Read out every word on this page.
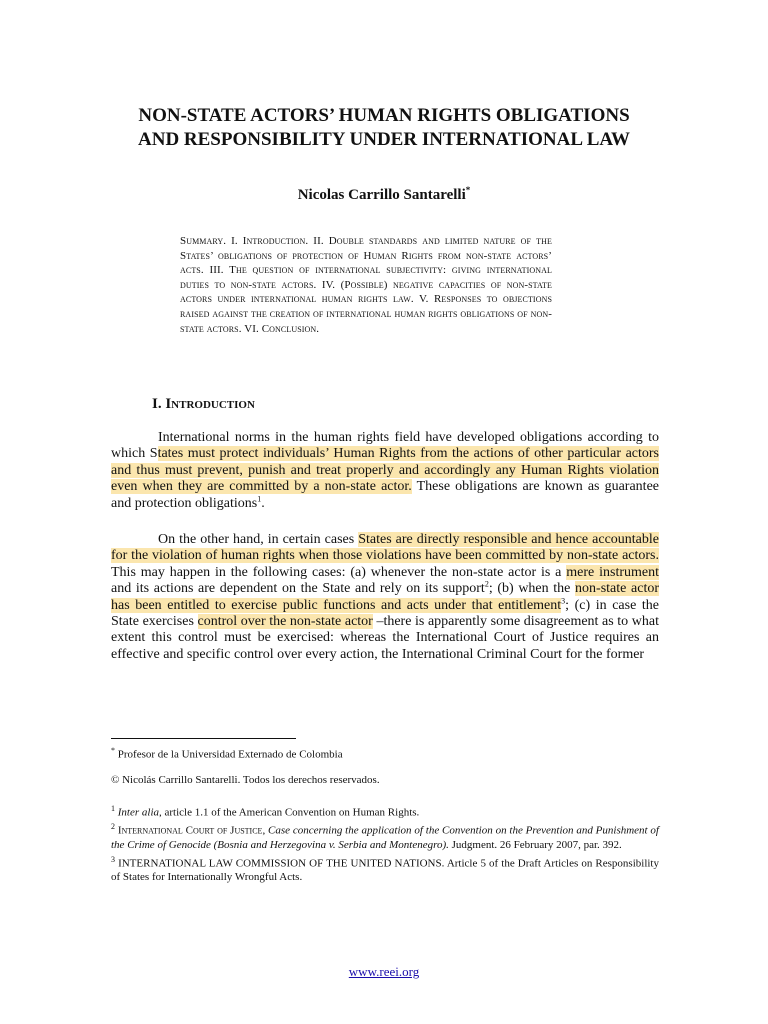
NON-STATE ACTORS’ HUMAN RIGHTS OBLIGATIONS
AND RESPONSIBILITY UNDER INTERNATIONAL LAW
Nicolas Carrillo Santarelli*
Summary. I. Introduction. II. Double standards and limited nature of the States’ obligations of protection of Human Rights from non-state actors’ acts. III. The question of international subjectivity: giving international duties to non-state actors. IV. (Possible) negative capacities of non-state actors under international human rights law. V. Responses to objections raised against the creation of international human rights obligations of non-state actors. VI. Conclusion.
I. Introduction
International norms in the human rights field have developed obligations according to which States must protect individuals’ Human Rights from the actions of other particular actors and thus must prevent, punish and treat properly and accordingly any Human Rights violation even when they are committed by a non-state actor. These obligations are known as guarantee and protection obligations$^1$.
On the other hand, in certain cases States are directly responsible and hence accountable for the violation of human rights when those violations have been committed by non-state actors. This may happen in the following cases: (a) whenever the non-state actor is a mere instrument and its actions are dependent on the State and rely on its support$^2$; (b) when the non-state actor has been entitled to exercise public functions and acts under that entitlement$^3$; (c) in case the State exercises control over the non-state actor –there is apparently some disagreement as to what extent this control must be exercised: whereas the International Court of Justice requires an effective and specific control over every action, the International Criminal Court for the former
* Profesor de la Universidad Externado de Colombia
© Nicolás Carrillo Santarelli. Todos los derechos reservados.
$^1$ Inter alia, article 1.1 of the American Convention on Human Rights.
$^2$ International Court of Justice, Case concerning the application of the Convention on the Prevention and Punishment of the Crime of Genocide (Bosnia and Herzegovina v. Serbia and Montenegro). Judgment. 26 February 2007, par. 392.
$^3$ INTERNATIONAL LAW COMMISSION OF THE UNITED NATIONS. Article 5 of the Draft Articles on Responsibility of States for Internationally Wrongful Acts.
www.reei.org
